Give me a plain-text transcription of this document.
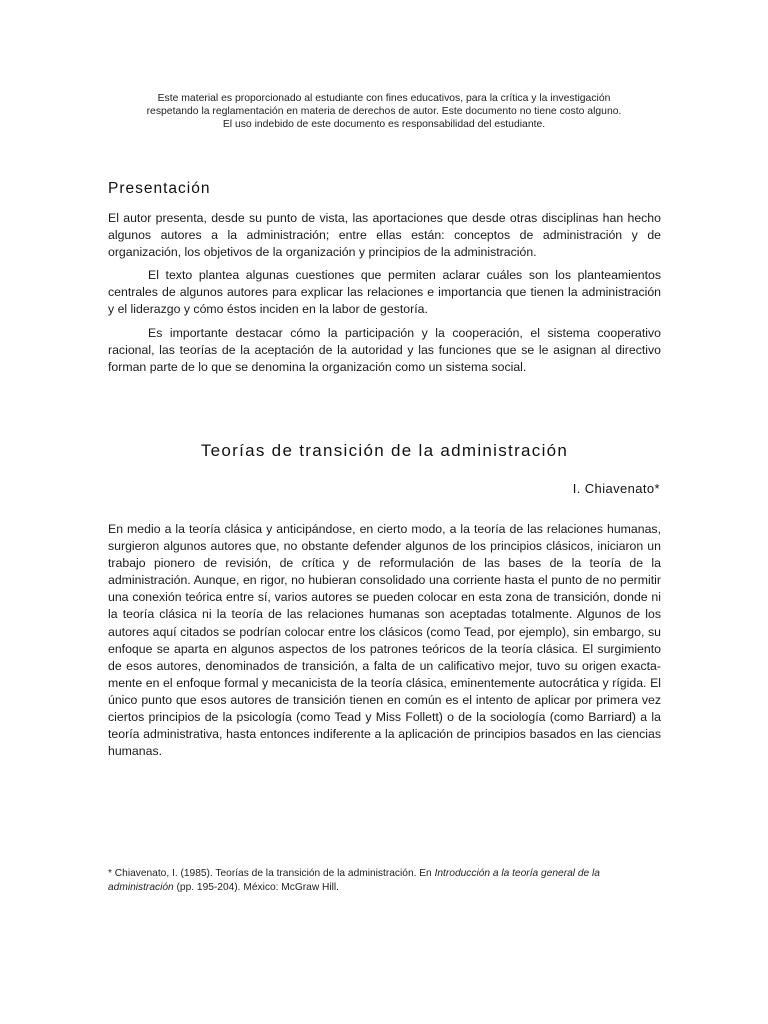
Este material es proporcionado al estudiante con fines educativos, para la crítica y la investigación
respetando la reglamentación en materia de derechos de autor. Este documento no tiene costo alguno.
El uso indebido de este documento es responsabilidad del estudiante.
Presentación

El autor presenta, desde su punto de vista, las aportaciones que desde otras disciplinas han hecho algunos autores a la administración; entre ellas están: conceptos de administración y de organización, los objetivos de la organización y principios de la administración.

El texto plantea algunas cuestiones que permiten aclarar cuáles son los planteamientos centrales de algunos autores para explicar las relaciones e importancia que tienen la administración y el liderazgo y cómo éstos inciden en la labor de gestoría.

Es importante destacar cómo la participación y la cooperación, el sistema cooperativo racional, las teorías de la aceptación de la autoridad y las funciones que se le asignan al directivo forman parte de lo que se denomina la organización como un sistema social.

Teorías de transición de la administración
I. Chiavenato*

En medio a la teoría clásica y anticipándose, en cierto modo, a la teoría de las relaciones humanas, surgieron algunos autores que, no obstante defender algunos de los principios clásicos, iniciaron un trabajo pionero de revisión, de crítica y de reformulación de las bases de la teoría de la administración. Aunque, en rigor, no hubieran consolidado una corriente hasta el punto de no permitir una conexión teórica entre sí, varios autores se pueden colocar en esta zona de transición, donde ni la teoría clásica ni la teoría de las relaciones humanas son aceptadas totalmente. Algunos de los autores aquí citados se podrían colocar entre los clásicos (como Tead, por ejemplo), sin embargo, su enfoque se aparta en algunos aspectos de los patrones teóricos de la teoría clásica. El surgimiento de esos autores, denominados de transición, a falta de un calificativo mejor, tuvo su origen exacta-mente en el enfoque formal y mecanicista de la teoría clásica, eminentemente autocrática y rígida. El único punto que esos autores de transición tienen en común es el intento de aplicar por primera vez ciertos principios de la psicología (como Tead y Miss Follett) o de la sociología (como Barriard) a la teoría administrativa, hasta entonces indiferente a la aplicación de principios basados en las ciencias humanas.

* Chiavenato, I. (1985). Teorías de la transición de la administración. En Introducción a la teoría general de la administración (pp. 195-204). México: McGraw Hill.
